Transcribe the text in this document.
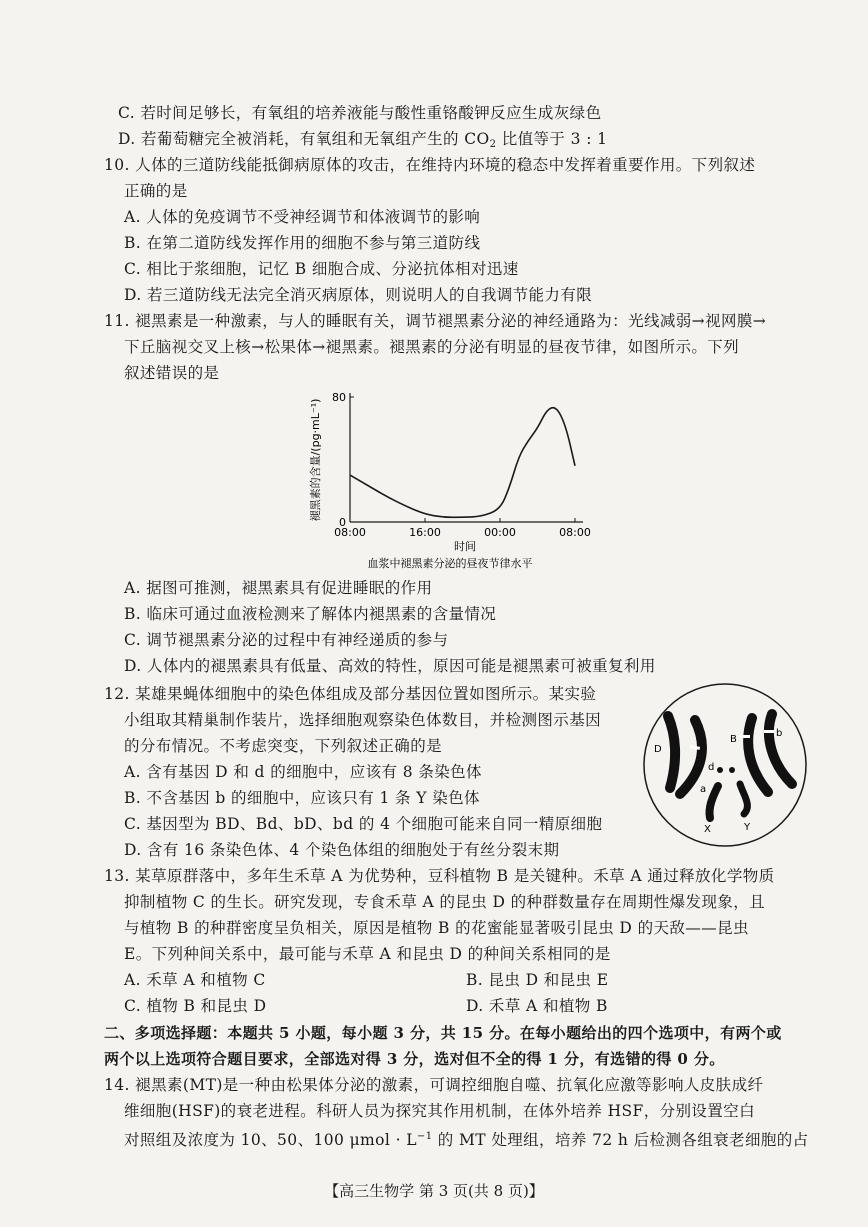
C. 若时间足够长，有氧组的培养液能与酸性重铬酸钾反应生成灰绿色
D. 若葡萄糖完全被消耗，有氧组和无氧组产生的 $CO_2$ 比值等于 3 : 1
10. 人体的三道防线能抵御病原体的攻击，在维持内环境的稳态中发挥着重要作用。下列叙述
正确的是
A. 人体的免疫调节不受神经调节和体液调节的影响
B. 在第二道防线发挥作用的细胞不参与第三道防线
C. 相比于浆细胞，记忆 B 细胞合成、分泌抗体相对迅速
D. 若三道防线无法完全消灭病原体，则说明人的自我调节能力有限
11. 褪黑素是一种激素，与人的睡眠有关，调节褪黑素分泌的神经通路为：光线减弱→视网膜→
下丘脑视交叉上核→松果体→褪黑素。褪黑素的分泌有明显的昼夜节律，如图所示。下列
叙述错误的是
08:00	16:00	00:00	08:00
0
80
褪黑素的含量/(pg·mL⁻¹)
时间
血浆中褪黑素分泌的昼夜节律水平
A. 据图可推测，褪黑素具有促进睡眠的作用
B. 临床可通过血液检测来了解体内褪黑素的含量情况
C. 调节褪黑素分泌的过程中有神经递质的参与
D. 人体内的褪黑素具有低量、高效的特性，原因可能是褪黑素可被重复利用
12. 某雄果蝇体细胞中的染色体组成及部分基因位置如图所示。某实验
小组取其精巢制作装片，选择细胞观察染色体数目，并检测图示基因
的分布情况。不考虑突变，下列叙述正确的是
A. 含有基因 D 和 d 的细胞中，应该有 8 条染色体
B. 不含基因 b 的细胞中，应该只有 1 条 Y 染色体
C. 基因型为 BD、Bd、bD、bd 的 4 个细胞可能来自同一精原细胞
D. 含有 16 条染色体、4 个染色体组的细胞处于有丝分裂末期
D
d
B
b
a
X	Y
13. 某草原群落中，多年生禾草 A 为优势种，豆科植物 B 是关键种。禾草 A 通过释放化学物质
抑制植物 C 的生长。研究发现，专食禾草 A 的昆虫 D 的种群数量存在周期性爆发现象，且
与植物 B 的种群密度呈负相关，原因是植物 B 的花蜜能显著吸引昆虫 D 的天敌——昆虫
E。下列种间关系中，最可能与禾草 A 和昆虫 D 的种间关系相同的是
A. 禾草 A 和植物 C	B. 昆虫 D 和昆虫 E
C. 植物 B 和昆虫 D	D. 禾草 A 和植物 B
二、多项选择题：本题共 5 小题，每小题 3 分，共 15 分。在每小题给出的四个选项中，有两个或
两个以上选项符合题目要求，全部选对得 3 分，选对但不全的得 1 分，有选错的得 0 分。
14. 褪黑素(MT)是一种由松果体分泌的激素，可调控细胞自噬、抗氧化应激等影响人皮肤成纤
维细胞(HSF)的衰老进程。科研人员为探究其作用机制，在体外培养 HSF，分别设置空白
对照组及浓度为 10、50、100 $\mu mol \cdot L^{-1}$ 的 MT 处理组，培养 72 h 后检测各组衰老细胞的占
【高三生物学 第 3 页(共 8 页)】
